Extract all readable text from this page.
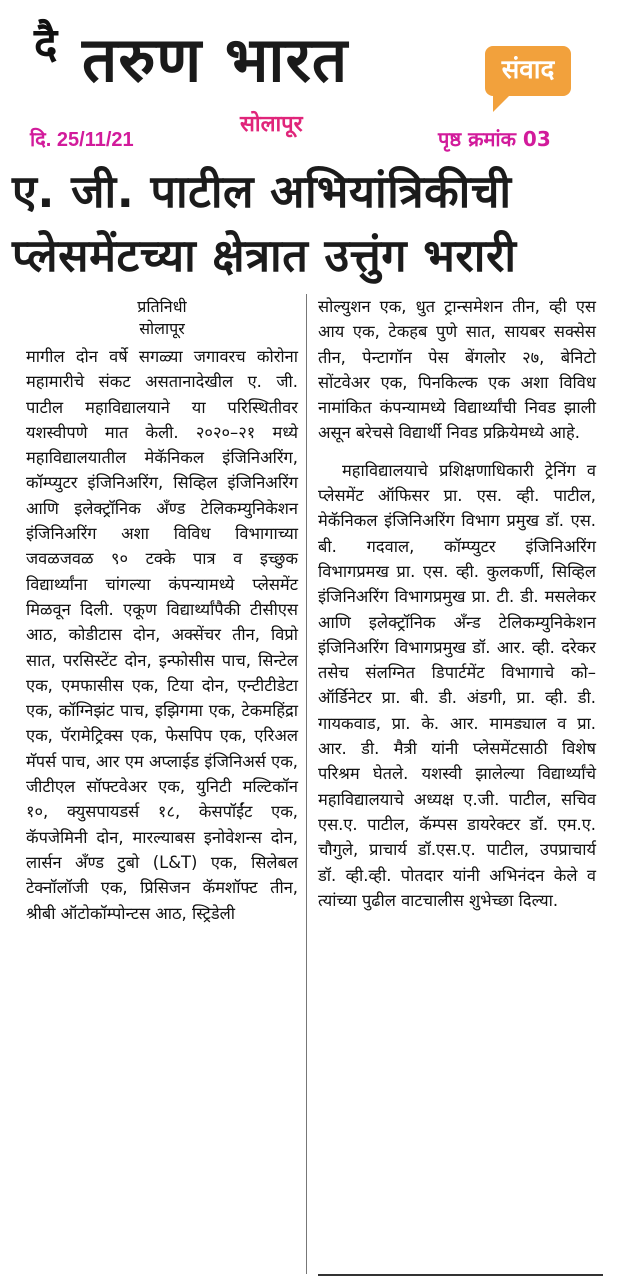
दै तरुण भारत	संवाद
सोलापूर
दि. 25/11/21	पृष्ठ क्रमांक 03
ए. जी. पाटील अभियांत्रिकीची
प्लेसमेंटच्या क्षेत्रात उत्तुंग भरारी
प्रतिनिधी
सोलापूर

मागील दोन वर्षे सगळ्या जगावरच कोरोना महामारीचे संकट असतानादेखील ए. जी. पाटील महाविद्यालयाने या परिस्थितीवर यशस्वीपणे मात केली. २०२०–२१ मध्ये महाविद्यालयातील मेकॅनिकल इंजिनिअरिंग, कॉम्प्युटर इंजिनिअरिंग, सिव्हिल इंजिनिअरिंग आणि इलेक्ट्रॉनिक अँण्ड टेलिकम्युनिकेशन इंजिनिअरिंग अशा विविध विभागाच्या जवळजवळ ९० टक्के पात्र व इच्छुक विद्यार्थ्यांना चांगल्या कंपन्यामध्ये प्लेसमेंट मिळवून दिली. एकूण विद्यार्थ्यांपैकी टीसीएस आठ, कोडीटास दोन, अक्सेंचर तीन, विप्रो सात, परसिस्टेंट दोन, इन्फोसीस पाच, सिन्टेल एक, एमफासीस एक, टिया दोन, एन्टीटीडेटा एक, कॉग्निझंट पाच, इझिगमा एक, टेकमहिंद्रा एक, पॅरामेट्रिक्स एक, फेसपिप एक, एरिअल मॅपर्स पाच, आर एम अप्लाईड इंजिनिअर्स एक, जीटीएल सॉफ्टवेअर एक, युनिटी मल्टिकॉन १०, क्युसपायडर्स १८, केसपॉईंट एक, कॅपजेमिनी दोन, मारल्याबस इनोवेशन्स दोन, लार्सन अँण्ड टुबो (L&T) एक, सिलेबल टेक्नॉलॉजी एक, प्रिसिजन कॅमशॉफ्ट तीन, श्रीबी ऑटोकॉम्पोन्टस आठ, स्ट्रिडेली

सोल्युशन एक, धुत ट्रान्समेशन तीन, व्ही एस आय एक, टेकहब पुणे सात, सायबर सक्सेस तीन, पेन्टागॉन पेस बेंगलोर २७, बेनिटो सोंटवेअर एक, पिनकिल्क एक अशा विविध नामांकित कंपन्यामध्ये विद्यार्थ्यांची निवड झाली असून बरेचसे विद्यार्थी निवड प्रक्रियेमध्ये आहे.

महाविद्यालयाचे प्रशिक्षणाधिकारी ट्रेनिंग व प्लेसमेंट ऑफिसर प्रा. एस. व्ही. पाटील, मेकॅनिकल इंजिनिअरिंग विभाग प्रमुख डॉ. एस. बी. गदवाल, कॉम्प्युटर इंजिनिअरिंग विभागप्रमख प्रा. एस. व्ही. कुलकर्णी, सिव्हिल इंजिनिअरिंग विभागप्रमुख प्रा. टी. डी. मसलेकर आणि इलेक्ट्रॉनिक अँन्ड टेलिकम्युनिकेशन इंजिनिअरिंग विभागप्रमुख डॉ. आर. व्ही. दरेकर तसेच संलग्नित डिपार्टमेंट विभागाचे को–ऑर्डिनेटर प्रा. बी. डी. अंडगी, प्रा. व्ही. डी. गायकवाड, प्रा. के. आर. मामड्याल व प्रा. आर. डी. मैत्री यांनी प्लेसमेंटसाठी विशेष परिश्रम घेतले. यशस्वी झालेल्या विद्यार्थ्यांचे महाविद्यालयाचे अध्यक्ष ए.जी. पाटील, सचिव एस.ए. पाटील, कॅम्पस डायरेक्टर डॉ. एम.ए. चौगुले, प्राचार्य डॉ.एस.ए. पाटील, उपप्राचार्य डॉ. व्ही.व्ही. पोतदार यांनी अभिनंदन केले व त्यांच्या पुढील वाटचालीस शुभेच्छा दिल्या.
